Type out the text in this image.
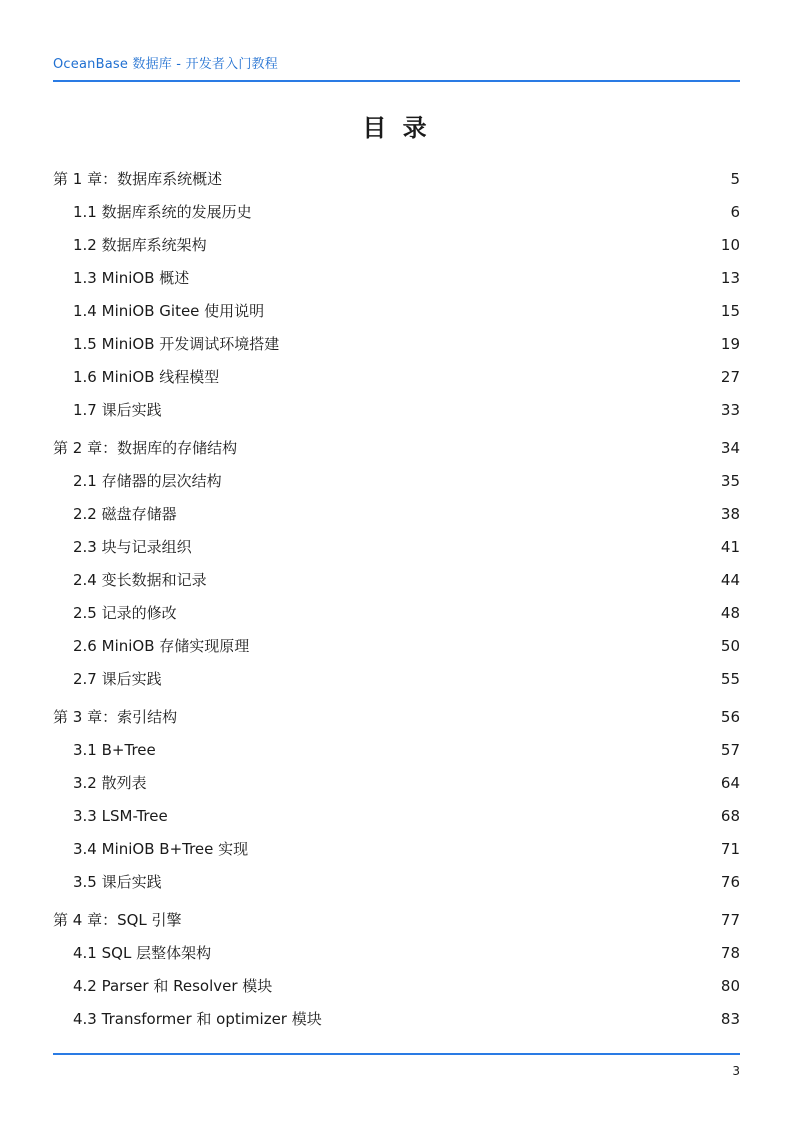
OceanBase 数据库 - 开发者入门教程
目 录
第 1 章：数据库系统概述	5
1.1 数据库系统的发展历史	6
1.2 数据库系统架构	10
1.3 MiniOB 概述	13
1.4 MiniOB Gitee 使用说明	15
1.5 MiniOB 开发调试环境搭建	19
1.6 MiniOB 线程模型	27
1.7 课后实践	33
第 2 章：数据库的存储结构	34
2.1 存储器的层次结构	35
2.2 磁盘存储器	38
2.3 块与记录组织	41
2.4 变长数据和记录	44
2.5 记录的修改	48
2.6 MiniOB 存储实现原理	50
2.7 课后实践	55
第 3 章：索引结构	56
3.1 B+Tree	57
3.2 散列表	64
3.3 LSM-Tree	68
3.4 MiniOB B+Tree 实现	71
3.5 课后实践	76
第 4 章：SQL 引擎	77
4.1 SQL 层整体架构	78
4.2 Parser 和 Resolver 模块	80
4.3 Transformer 和 optimizer 模块	83
3
